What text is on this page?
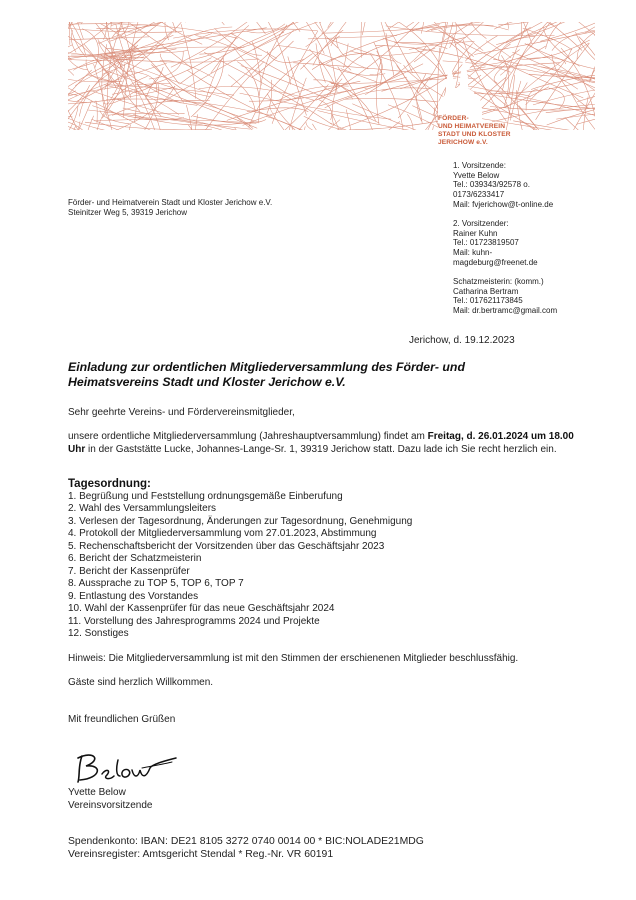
FÖRDER-
UND HEIMATVEREIN
STADT UND KLOSTER
JERICHOW e.V.
Förder- und Heimatverein Stadt und Kloster Jerichow e.V.
Steinitzer Weg 5, 39319 Jerichow
1. Vorsitzende:
Yvette Below
Tel.: 039343/92578 o.
0173/6233417
Mail: fvjerichow@t-online.de
2. Vorsitzender:
Rainer Kuhn
Tel.: 01723819507
Mail: kuhn-
magdeburg@freenet.de
Schatzmeisterin: (komm.)
Catharina Bertram
Tel.: 017621173845
Mail: dr.bertramc@gmail.com
Jerichow, d. 19.12.2023
Einladung zur ordentlichen Mitgliederversammlung des Förder- und
Heimatsvereins Stadt und Kloster Jerichow e.V.
Sehr geehrte Vereins- und Fördervereinsmitglieder,
unsere ordentliche Mitgliederversammlung (Jahreshauptversammlung) findet am Freitag, d. 26.01.2024 um 18.00 Uhr in der Gaststätte Lucke, Johannes-Lange-Sr. 1, 39319 Jerichow statt. Dazu lade ich Sie recht herzlich ein.
Tagesordnung:
1. Begrüßung und Feststellung ordnungsgemäße Einberufung
2. Wahl des Versammlungsleiters
3. Verlesen der Tagesordnung, Änderungen zur Tagesordnung, Genehmigung
4. Protokoll der Mitgliederversammlung vom 27.01.2023, Abstimmung
5. Rechenschaftsbericht der Vorsitzenden über das Geschäftsjahr 2023
6. Bericht der Schatzmeisterin
7. Bericht der Kassenprüfer
8. Aussprache zu TOP 5, TOP 6, TOP 7
9. Entlastung des Vorstandes
10. Wahl der Kassenprüfer für das neue Geschäftsjahr 2024
11. Vorstellung des Jahresprogramms 2024 und Projekte
12. Sonstiges
Hinweis: Die Mitgliederversammlung ist mit den Stimmen der erschienenen Mitglieder beschlussfähig.
Gäste sind herzlich Willkommen.
Mit freundlichen Grüßen
Yvette Below
Vereinsvorsitzende
Spendenkonto: IBAN: DE21 8105 3272 0740 0014 00 * BIC:NOLADE21MDG
Vereinsregister: Amtsgericht Stendal * Reg.-Nr. VR 60191
